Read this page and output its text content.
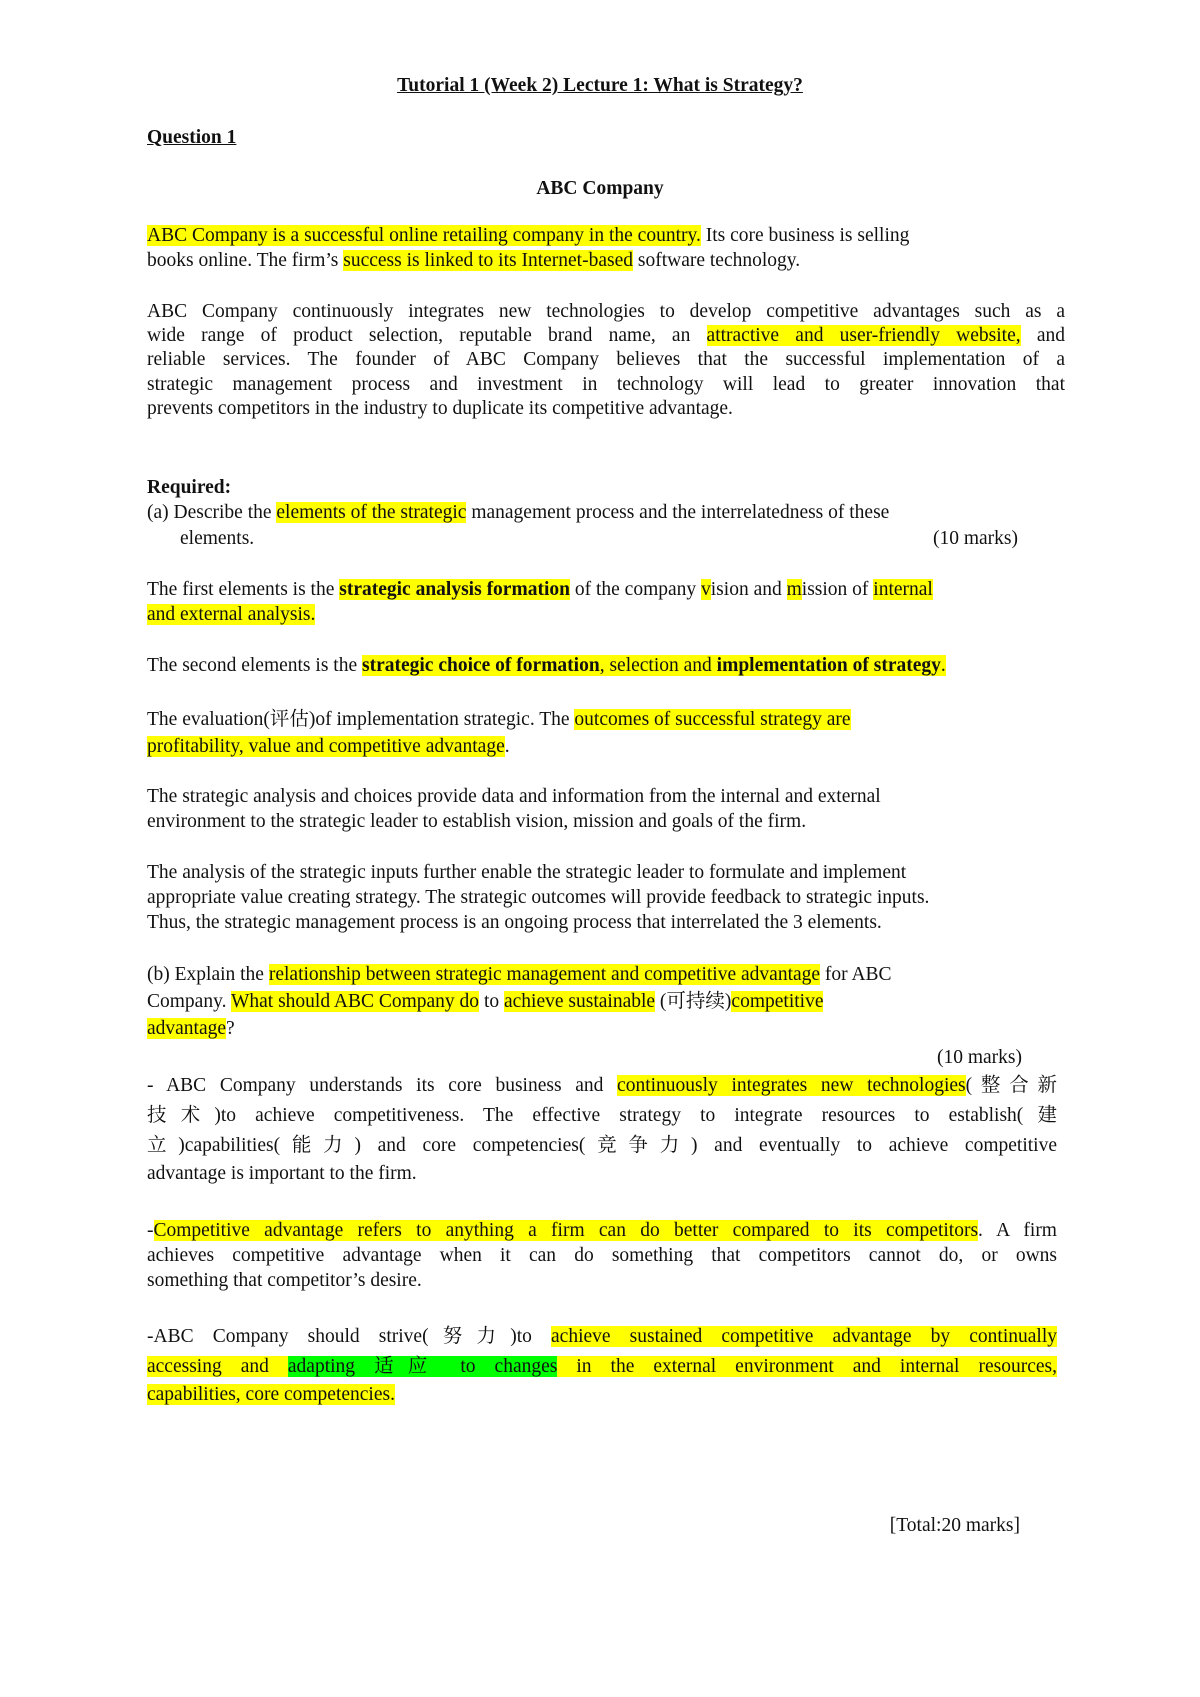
Tutorial 1 (Week 2) Lecture 1: What is Strategy?
Question 1
ABC Company
ABC Company is a successful online retailing company in the country. Its core business is selling
books online. The firm’s success is linked to its Internet-based software technology.
ABC Company continuously integrates new technologies to develop competitive advantages such as a
wide range of product selection, reputable brand name, an attractive and user-friendly website, and
reliable services. The founder of ABC Company believes that the successful implementation of a
strategic management process and investment in technology will lead to greater innovation that
prevents competitors in the industry to duplicate its competitive advantage.
Required:
(a) Describe the elements of the strategic management process and the interrelatedness of these
elements.	(10 marks)
The first elements is the strategic analysis formation of the company vision and mission of internal
and external analysis.
The second elements is the strategic choice of formation, selection and implementation of strategy.
The evaluation(评估)of implementation strategic. The outcomes of successful strategy are
profitability, value and competitive advantage.
The strategic analysis and choices provide data and information from the internal and external
environment to the strategic leader to establish vision, mission and goals of the firm.
The analysis of the strategic inputs further enable the strategic leader to formulate and implement
appropriate value creating strategy. The strategic outcomes will provide feedback to strategic inputs.
Thus, the strategic management process is an ongoing process that interrelated the 3 elements.
(b) Explain the relationship between strategic management and competitive advantage for ABC
Company. What should ABC Company do to achieve sustainable (可持续)competitive
advantage?
(10 marks)
- ABC Company understands its core business and continuously integrates new technologies(整合新
技术)to achieve competitiveness. The effective strategy to integrate resources to establish(建
立)capabilities(能力) and core competencies(竞争力) and eventually to achieve competitive
advantage is important to the firm.
-Competitive advantage refers to anything a firm can do better compared to its competitors. A firm
achieves competitive advantage when it can do something that competitors cannot do, or owns
something that competitor’s desire.
-ABC Company should strive(努力)to achieve sustained competitive advantage by continually
accessing and adapting 适应 to changes in the external environment and internal resources,
capabilities, core competencies.
[Total:20 marks]
